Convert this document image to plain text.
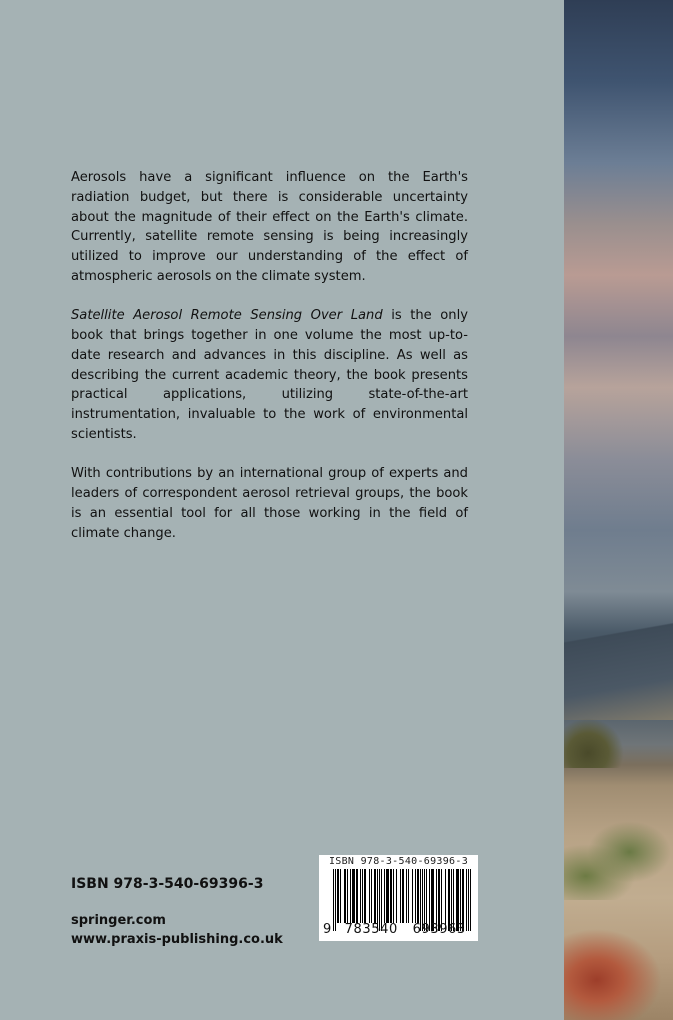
Aerosols have a significant influence on the Earth's radiation budget, but there is considerable uncertainty about the magnitude of their effect on the Earth's climate. Currently, satellite remote sensing is being increasingly utilized to improve our understanding of the effect of atmospheric aerosols on the climate system.

Satellite Aerosol Remote Sensing Over Land is the only book that brings together in one volume the most up-to-date research and advances in this discipline. As well as describing the current academic theory, the book presents practical applications, utilizing state-of-the-art instrumentation, invaluable to the work of environmental scientists.

With contributions by an international group of experts and leaders of correspondent aerosol retrieval groups, the book is an essential tool for all those working in the field of climate change.

ISBN 978-3-540-69396-3
springer.com
www.praxis-publishing.co.uk
ISBN 978-3-540-69396-3
9 783540 693963
